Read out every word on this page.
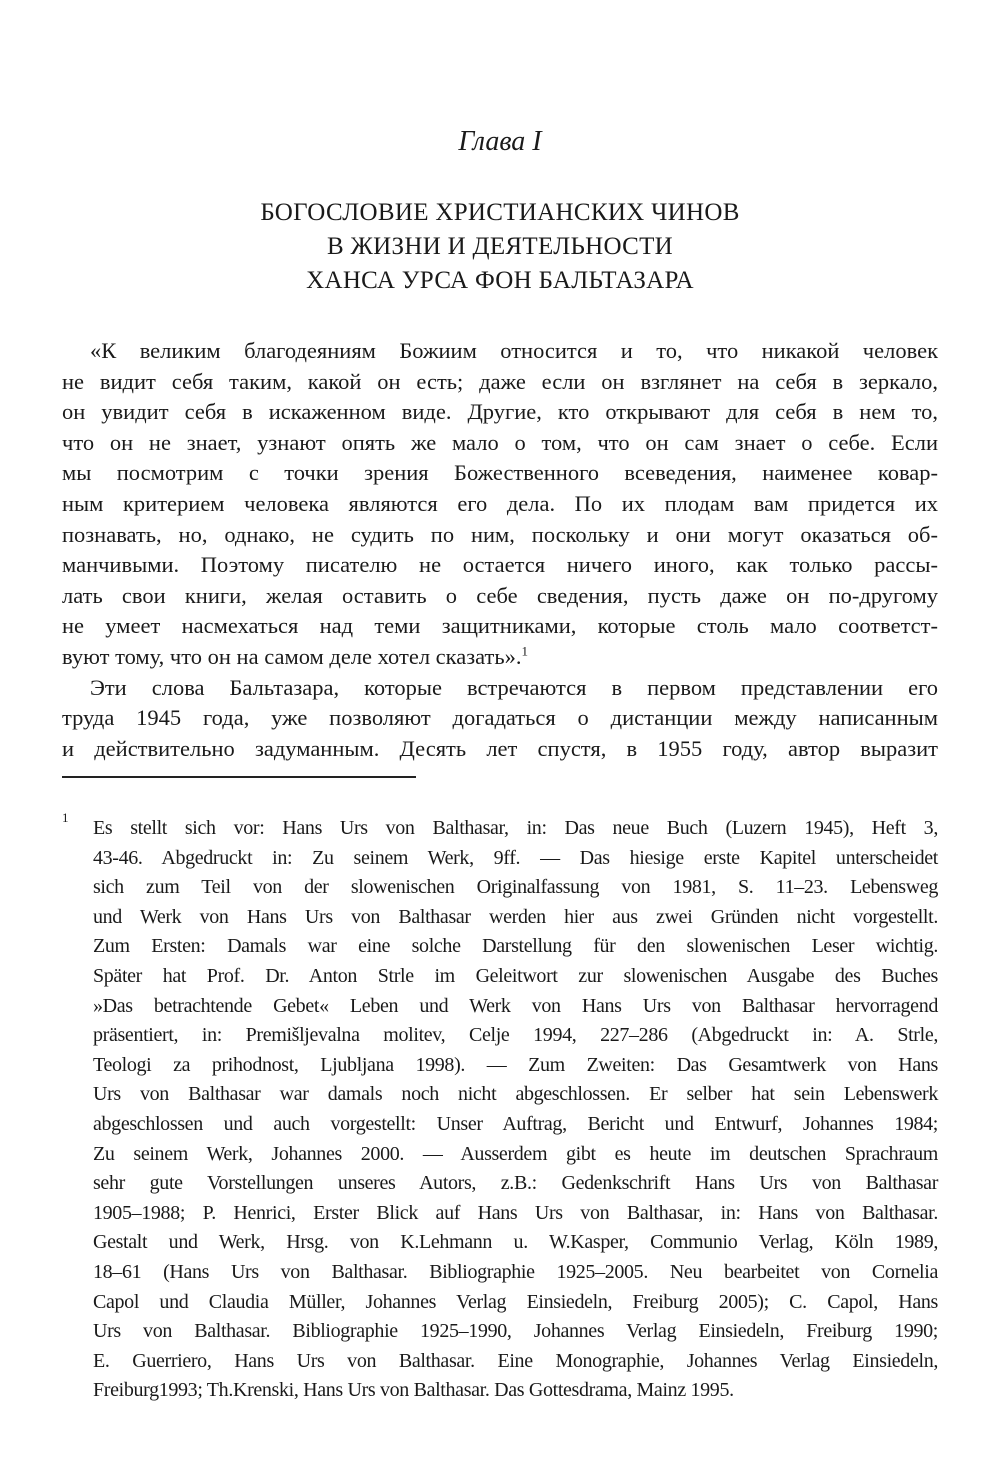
Глава I
БОГОСЛОВИЕ ХРИСТИАНСКИХ ЧИНОВ
В ЖИЗНИ И ДЕЯТЕЛЬНОСТИ
ХАНСА УРСА ФОН БАЛЬТАЗАРА
«К великим благодеяниям Божиим относится и то, что никакой человек
не видит себя таким, какой он есть; даже если он взглянет на себя в зеркало,
он увидит себя в искаженном виде. Другие, кто открывают для себя в нем то,
что он не знает, узнают опять же мало о том, что он сам знает о себе. Если
мы посмотрим с точки зрения Божественного всеведения, наименее ковар-
ным критерием человека являются его дела. По их плодам вам придется их
познавать, но, однако, не судить по ним, поскольку и они могут оказаться об-
манчивыми. Поэтому писателю не остается ничего иного, как только рассы-
лать свои книги, желая оставить о себе сведения, пусть даже он по-другому
не умеет насмехаться над теми защитниками, которые столь мало соответст-
вуют тому, что он на самом деле хотел сказать».$^1$
Эти слова Бальтазара, которые встречаются в первом представлении его
труда 1945 года, уже позволяют догадаться о дистанции между написанным
и действительно задуманным. Десять лет спустя, в 1955 году, автор выразит
1 Es stellt sich vor: Hans Urs von Balthasar, in: Das neue Buch (Luzern 1945), Heft 3,
43-46. Abgedruckt in: Zu seinem Werk, 9ff. — Das hiesige erste Kapitel unterscheidet
sich zum Teil von der slowenischen Originalfassung von 1981, S. 11–23. Lebensweg
und Werk von Hans Urs von Balthasar werden hier aus zwei Gründen nicht vorgestellt.
Zum Ersten: Damals war eine solche Darstellung für den slowenischen Leser wichtig.
Später hat Prof. Dr. Anton Strle im Geleitwort zur slowenischen Ausgabe des Buches
»Das betrachtende Gebet« Leben und Werk von Hans Urs von Balthasar hervorragend
präsentiert, in: Premišljevalna molitev, Celje 1994, 227–286 (Abgedruckt in: A. Strle,
Teologi za prihodnost, Ljubljana 1998). — Zum Zweiten: Das Gesamtwerk von Hans
Urs von Balthasar war damals noch nicht abgeschlossen. Er selber hat sein Lebenswerk
abgeschlossen und auch vorgestellt: Unser Auftrag, Bericht und Entwurf, Johannes 1984;
Zu seinem Werk, Johannes 2000. — Ausserdem gibt es heute im deutschen Sprachraum
sehr gute Vorstellungen unseres Autors, z.B.: Gedenkschrift Hans Urs von Balthasar
1905–1988; P. Henrici, Erster Blick auf Hans Urs von Balthasar, in: Hans von Balthasar.
Gestalt und Werk, Hrsg. von K.Lehmann u. W.Kasper, Communio Verlag, Köln 1989,
18–61 (Hans Urs von Balthasar. Bibliographie 1925–2005. Neu bearbeitet von Cornelia
Capol und Claudia Müller, Johannes Verlag Einsiedeln, Freiburg 2005); C. Capol, Hans
Urs von Balthasar. Bibliographie 1925–1990, Johannes Verlag Einsiedeln, Freiburg 1990;
E. Guerriero, Hans Urs von Balthasar. Eine Monographie, Johannes Verlag Einsiedeln,
Freiburg1993; Th.Krenski, Hans Urs von Balthasar. Das Gottesdrama, Mainz 1995.
